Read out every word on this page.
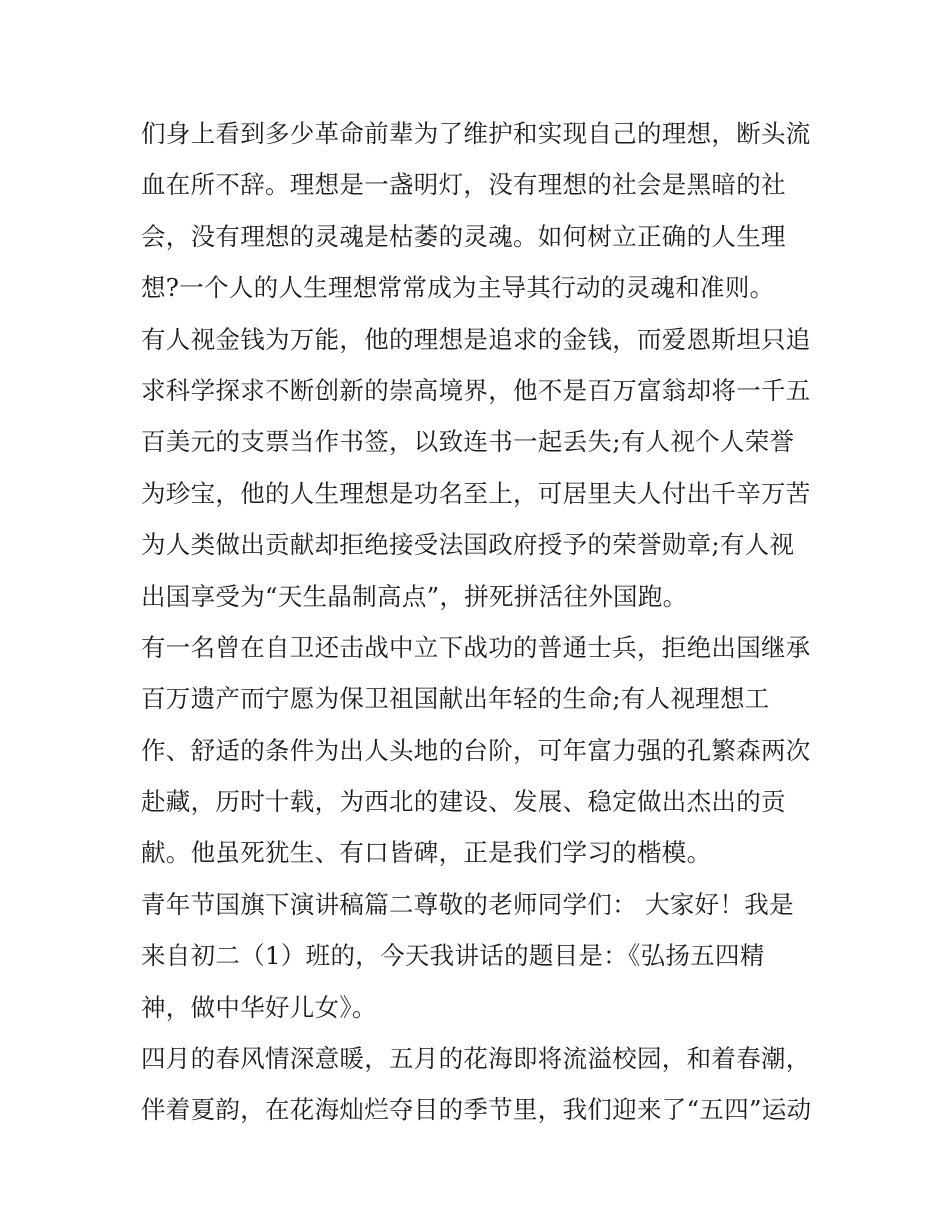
们身上看到多少革命前辈为了维护和实现自己的理想，断头流
血在所不辞。理想是一盏明灯，没有理想的社会是黑暗的社
会，没有理想的灵魂是枯萎的灵魂。如何树立正确的人生理
想?一个人的人生理想常常成为主导其行动的灵魂和准则。
有人视金钱为万能，他的理想是追求的金钱，而爱恩斯坦只追
求科学探求不断创新的崇高境界，他不是百万富翁却将一千五
百美元的支票当作书签，以致连书一起丢失;有人视个人荣誉
为珍宝，他的人生理想是功名至上，可居里夫人付出千辛万苦
为人类做出贡献却拒绝接受法国政府授予的荣誉勋章;有人视
出国享受为“天生晶制高点”，拼死拼活往外国跑。
有一名曾在自卫还击战中立下战功的普通士兵，拒绝出国继承
百万遗产而宁愿为保卫祖国献出年轻的生命;有人视理想工
作、舒适的条件为出人头地的台阶，可年富力强的孔繁森两次
赴藏，历时十载，为西北的建设、发展、稳定做出杰出的贡
献。他虽死犹生、有口皆碑，正是我们学习的楷模。
青年节国旗下演讲稿篇二尊敬的老师同学们： 大家好！我是
来自初二（1）班的，今天我讲话的题目是：《弘扬五四精
神，做中华好儿女》。
四月的春风情深意暖，五月的花海即将流溢校园，和着春潮，
伴着夏韵，在花海灿烂夺目的季节里，我们迎来了“五四”运动
